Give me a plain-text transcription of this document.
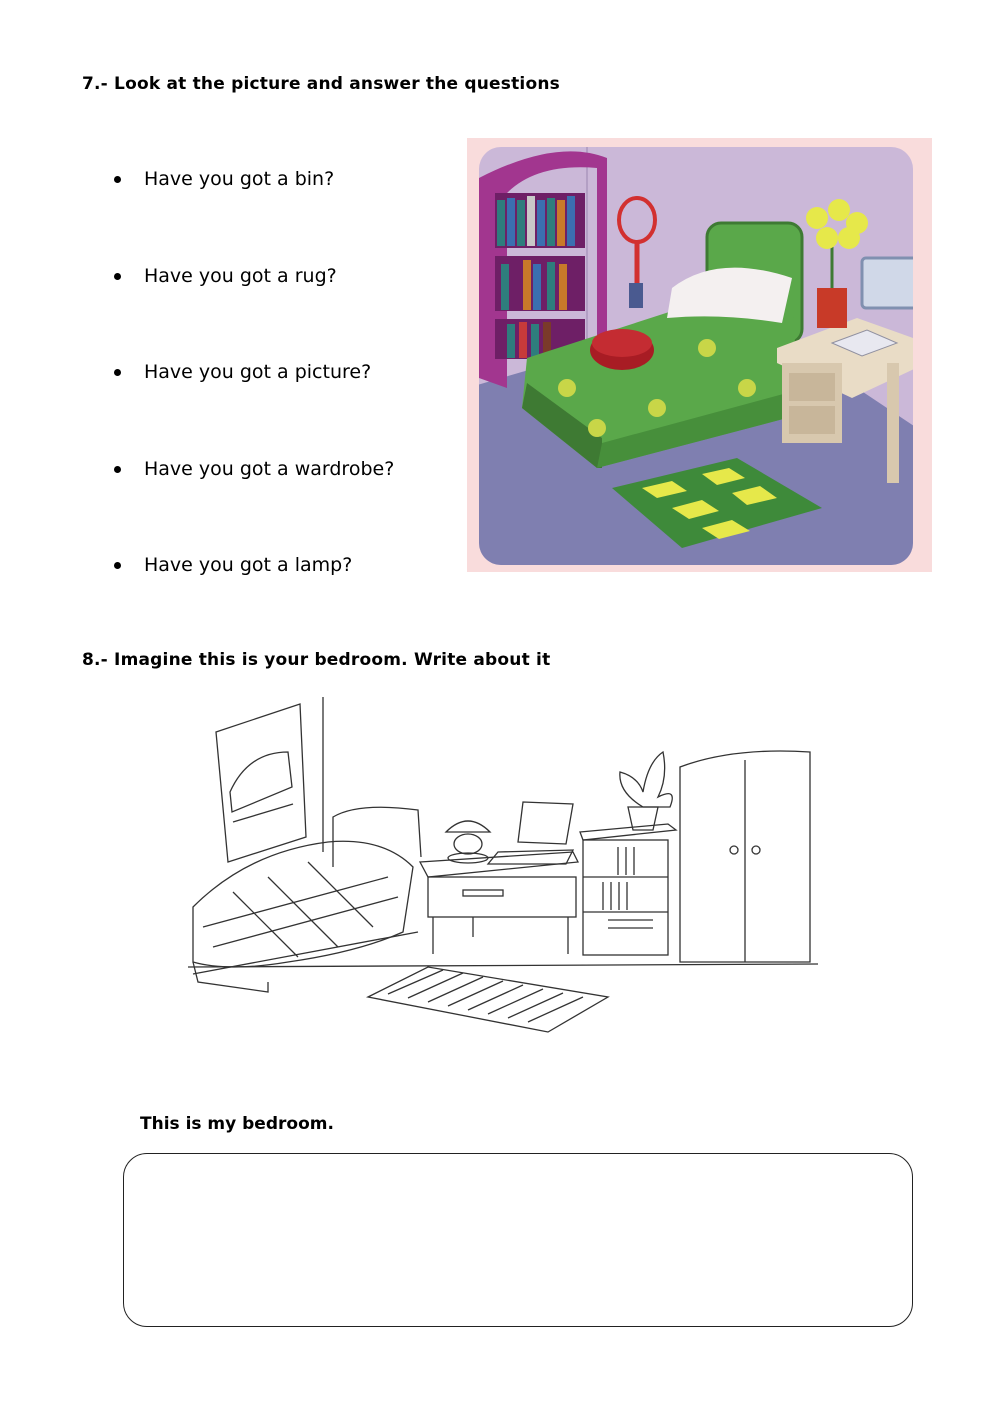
7.- Look at the picture and answer the questions
Have you got a bin?
Have you got a rug?
Have you got a picture?
Have you got a wardrobe?
Have you got a lamp?
8.- Imagine this is your bedroom. Write about it
This is my bedroom.
